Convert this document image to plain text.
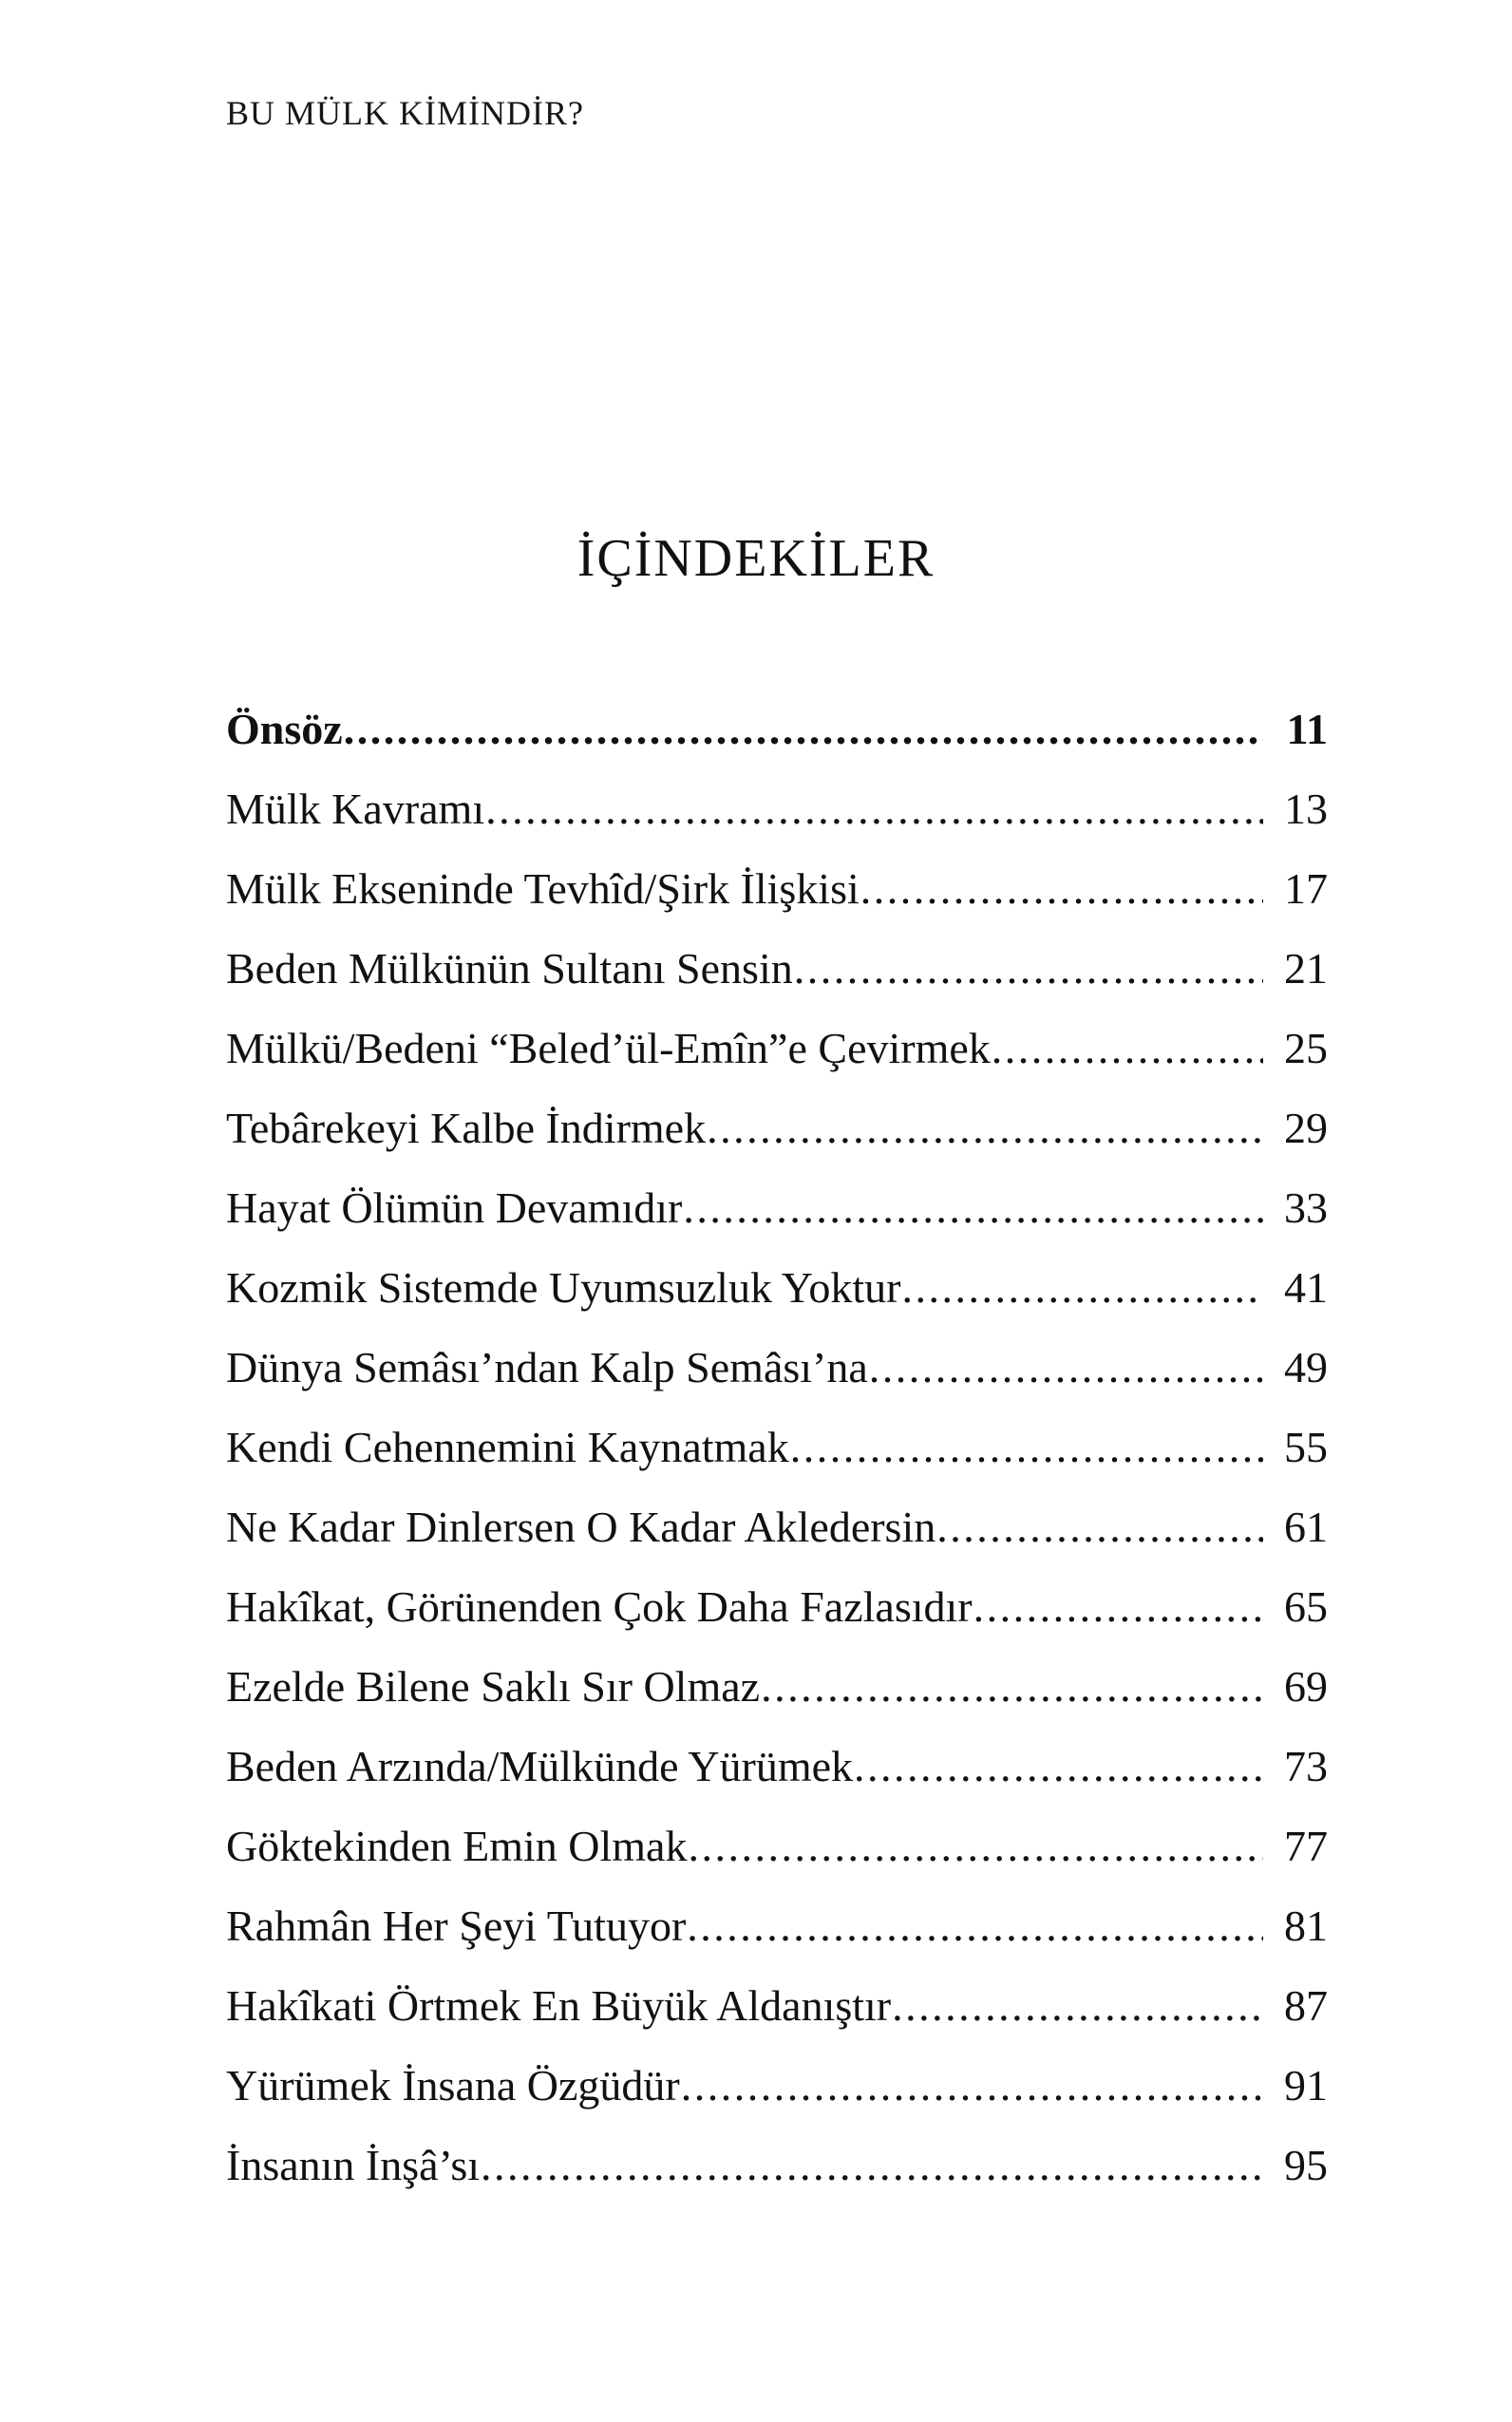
BU MÜLK KİMİNDİR?
İÇİNDEKİLER
Önsöz .....	11
Mülk Kavramı .....	13
Mülk Ekseninde Tevhîd/Şirk İlişkisi .....	17
Beden Mülkünün Sultanı Sensin .....	21
Mülkü/Bedeni “Beled’ül-Emîn”e Çevirmek .....	25
Tebârekeyi Kalbe İndirmek .....	29
Hayat Ölümün Devamıdır .....	33
Kozmik Sistemde Uyumsuzluk Yoktur .....	41
Dünya Semâsı’ndan Kalp Semâsı’na .....	49
Kendi Cehennemini Kaynatmak .....	55
Ne Kadar Dinlersen O Kadar Akledersin .....	61
Hakîkat, Görünenden Çok Daha Fazlasıdır .....	65
Ezelde Bilene Saklı Sır Olmaz .....	69
Beden Arzında/Mülkünde Yürümek .....	73
Göktekinden Emin Olmak .....	77
Rahmân Her Şeyi Tutuyor .....	81
Hakîkati Örtmek En Büyük Aldanıştır .....	87
Yürümek İnsana Özgüdür .....	91
İnsanın İnşâ’sı .....	95
